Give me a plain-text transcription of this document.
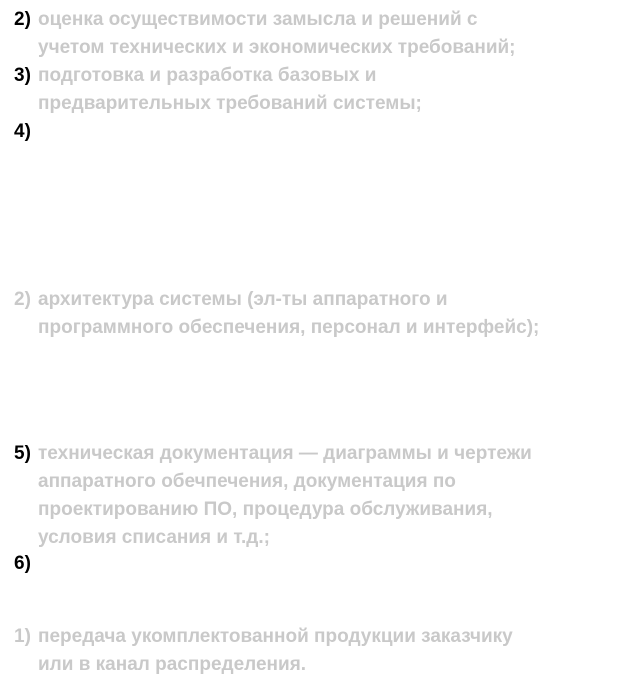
2) оценка осуществимости замысла и решений с
учетом технических и экономических требований;
3) подготовка и разработка базовых и
предварительных требований системы;
4)
2) архитектура системы (эл-ты аппаратного и
программного обеспечения, персонал и интерфейс);
5) техническая документация — диаграммы и чертежи
аппаратного обечпечения, документация по
проектированию ПО, процедура обслуживания,
условия списания и т.д.;
6)
1) передача укомплектованной продукции заказчику
или в канал распределения.
